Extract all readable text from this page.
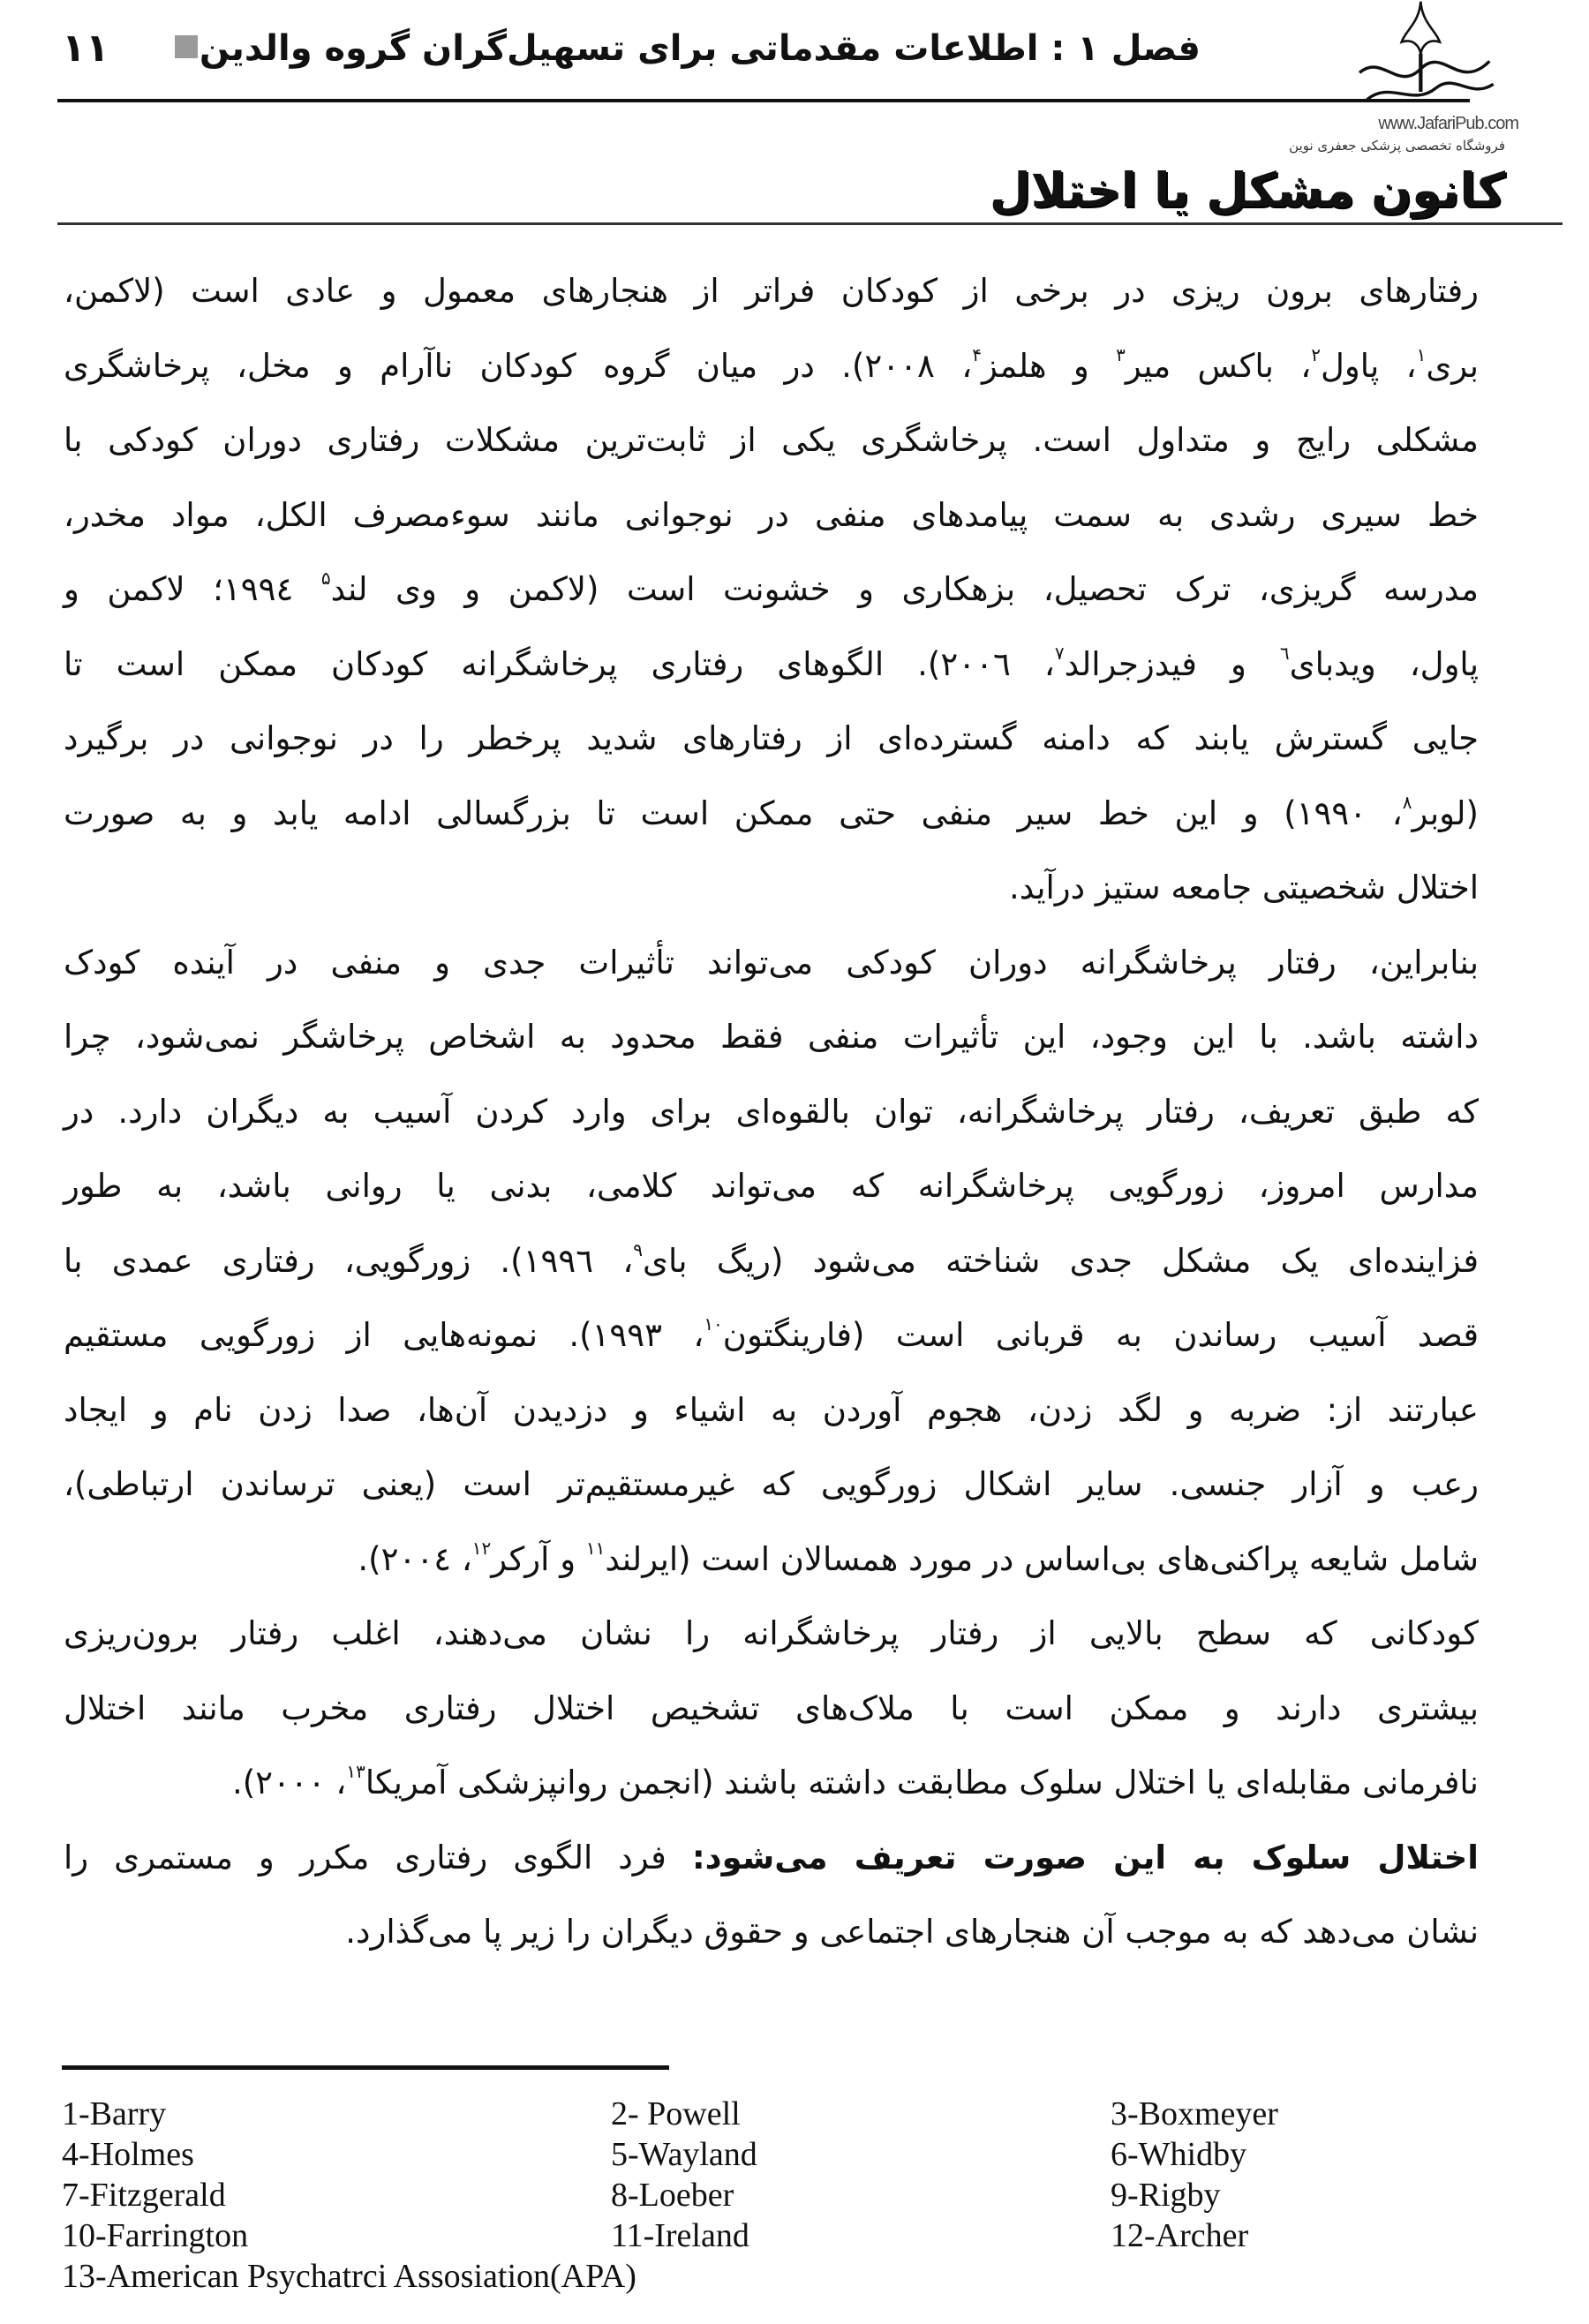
۱۱	فصل ۱ : اطلاعات مقدماتی برای تسهیل‌گران گروه والدین
www.JafariPub.com
فروشگاه تخصصی پزشکی جعفری نوین
کانون مشکل یا اختلال
رفتارهای برون ریزی در برخی از کودکان فراتر از هنجارهای معمول و عادی است (لاکمن،
بری$^۱$، پاول$^۲$، باکس میر$^۳$ و هلمز$^۴$، ۲۰۰۸). در میان گروه کودکان ناآرام و مخل، پرخاشگری
مشکلی رایج و متداول است. پرخاشگری یکی از ثابت‌ترین مشکلات رفتاری دوران کودکی با
خط سیری رشدی به سمت پیامدهای منفی در نوجوانی مانند سوءمصرف الکل، مواد مخدر،
مدرسه گریزی، ترک تحصیل، بزهکاری و خشونت است (لاکمن و وی لند$^۵$ ۱۹۹٤؛ لاکمن و
پاول، ویدبای$^٦$ و فیدزجرالد$^۷$، ۲۰۰٦). الگوهای رفتاری پرخاشگرانه کودکان ممکن است تا
جایی گسترش یابند که دامنه گسترده‌ای از رفتارهای شدید پرخطر را در نوجوانی در برگیرد
(لوبر$^۸$، ۱۹۹۰) و این خط سیر منفی حتی ممکن است تا بزرگسالی ادامه یابد و به صورت
اختلال شخصیتی جامعه ستیز درآید.
بنابراین، رفتار پرخاشگرانه دوران کودکی می‌تواند تأثیرات جدی و منفی در آینده کودک
داشته باشد. با این وجود، این تأثیرات منفی فقط محدود به اشخاص پرخاشگر نمی‌شود، چرا
که طبق تعریف، رفتار پرخاشگرانه، توان بالقوه‌ای برای وارد کردن آسیب به دیگران دارد. در
مدارس امروز، زورگویی پرخاشگرانه که می‌تواند کلامی، بدنی یا روانی باشد، به طور
فزاینده‌ای یک مشکل جدی شناخته می‌شود (ریگ بای$^۹$، ۱۹۹٦). زورگویی، رفتاری عمدی با
قصد آسیب رساندن به قربانی است (فارینگتون$^{۱۰}$، ۱۹۹۳). نمونه‌هایی از زورگویی مستقیم
عبارتند از: ضربه و لگد زدن، هجوم آوردن به اشیاء و دزدیدن آن‌ها، صدا زدن نام و ایجاد
رعب و آزار جنسی. سایر اشکال زورگویی که غیرمستقیم‌تر است (یعنی ترساندن ارتباطی)،
شامل شایعه پراکنی‌های بی‌اساس در مورد همسالان است (ایرلند$^{۱۱}$ و آرکر$^{۱۲}$، ۲۰۰٤).
کودکانی که سطح بالایی از رفتار پرخاشگرانه را نشان می‌دهند، اغلب رفتار برون‌ریزی
بیشتری دارند و ممکن است با ملاک‌های تشخیص اختلال رفتاری مخرب مانند اختلال
نافرمانی مقابله‌ای یا اختلال سلوک مطابقت داشته باشند (انجمن روانپزشکی آمریکا$^{۱۳}$، ۲۰۰۰).
اختلال سلوک به این صورت تعریف می‌شود: فرد الگوی رفتاری مکرر و مستمری را
نشان می‌دهد که به موجب آن هنجارهای اجتماعی و حقوق دیگران را زیر پا می‌گذارد.
1-Barry	2- Powell	3-Boxmeyer
4-Holmes	5-Wayland	6-Whidby
7-Fitzgerald	8-Loeber	9-Rigby
10-Farrington	11-Ireland	12-Archer
13-American Psychatrci Assosiation(APA)
